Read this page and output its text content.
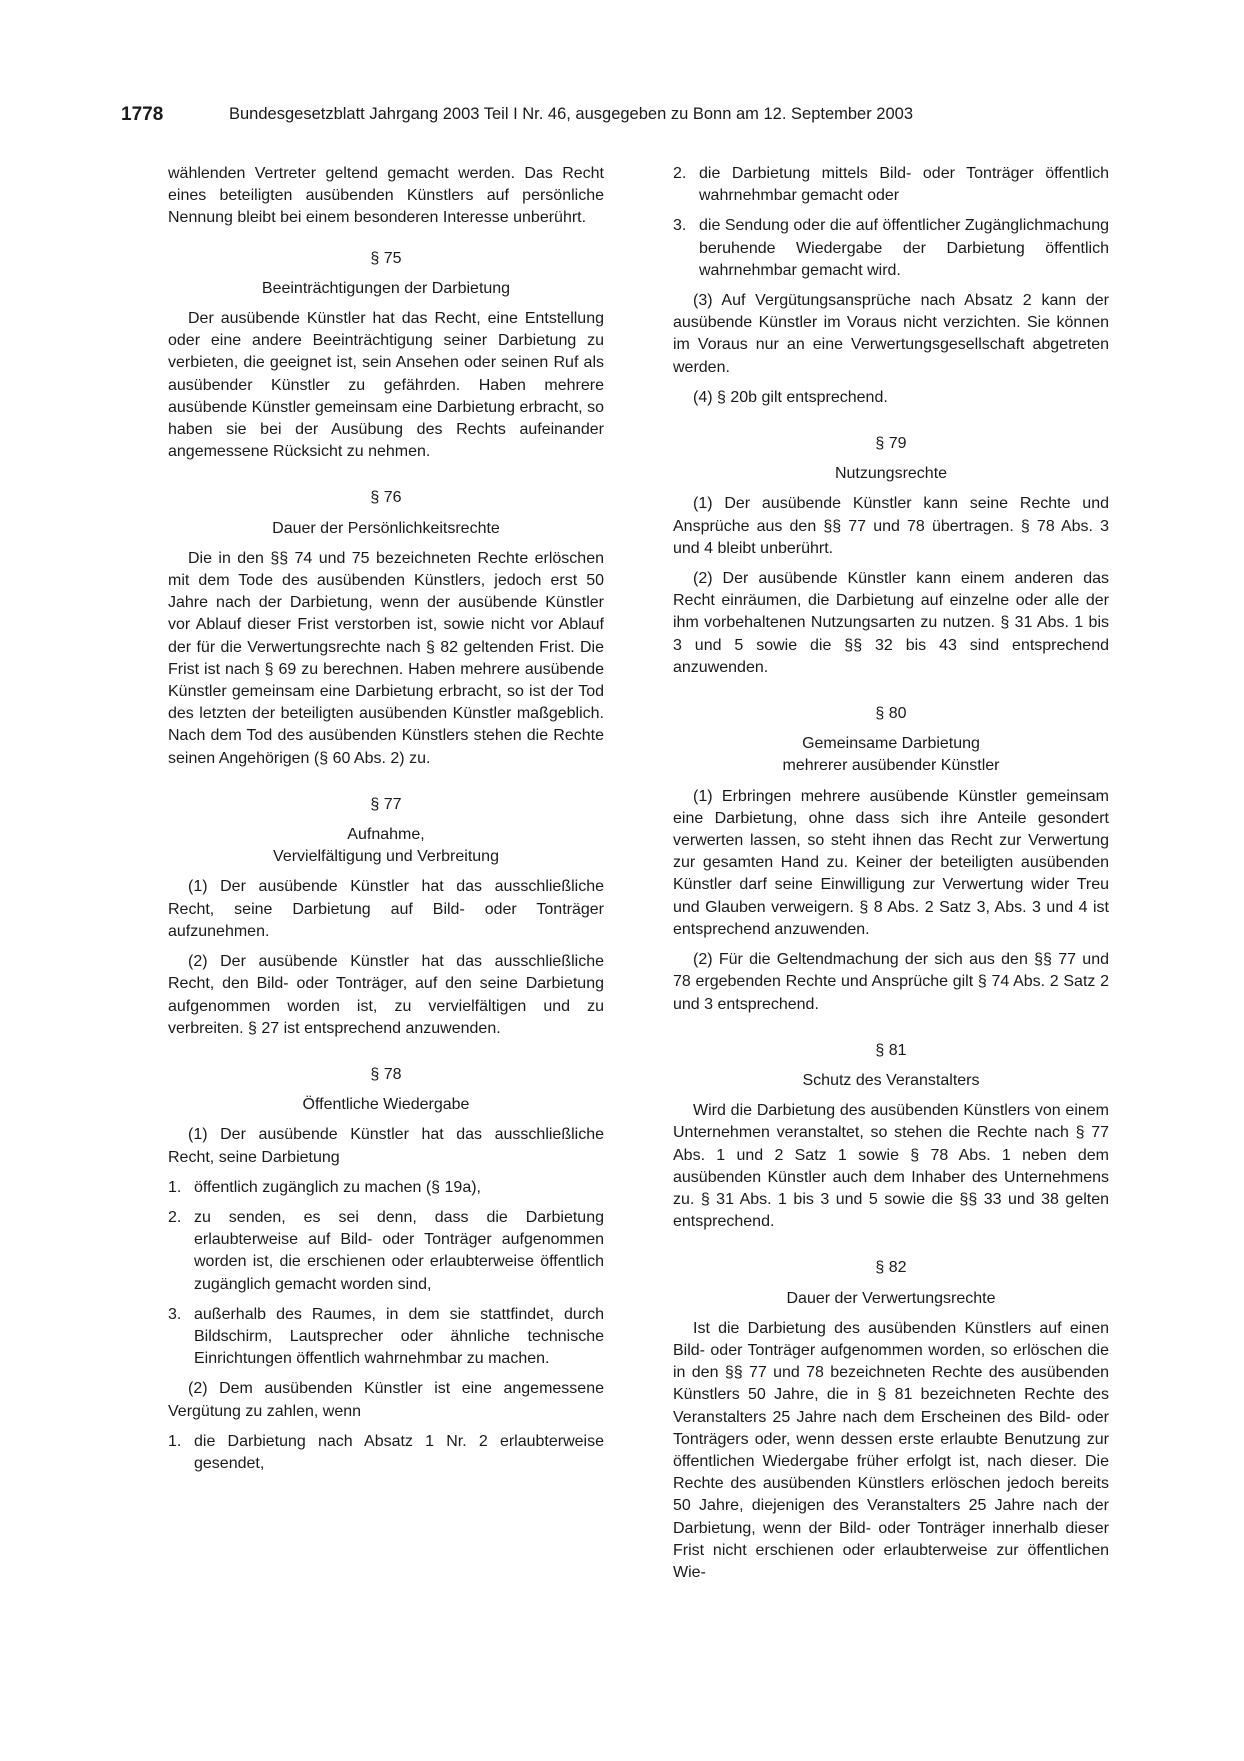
1778	Bundesgesetzblatt Jahrgang 2003 Teil I Nr. 46, ausgegeben zu Bonn am 12. September 2003

wählenden Vertreter geltend gemacht werden. Das Recht eines beteiligten ausübenden Künstlers auf persönliche Nennung bleibt bei einem besonderen Interesse unberührt.

§ 75
Beeinträchtigungen der Darbietung

Der ausübende Künstler hat das Recht, eine Entstellung oder eine andere Beeinträchtigung seiner Darbietung zu verbieten, die geeignet ist, sein Ansehen oder seinen Ruf als ausübender Künstler zu gefährden. Haben mehrere ausübende Künstler gemeinsam eine Darbietung erbracht, so haben sie bei der Ausübung des Rechts aufeinander angemessene Rücksicht zu nehmen.

§ 76
Dauer der Persönlichkeitsrechte

Die in den §§ 74 und 75 bezeichneten Rechte erlöschen mit dem Tode des ausübenden Künstlers, jedoch erst 50 Jahre nach der Darbietung, wenn der ausübende Künstler vor Ablauf dieser Frist verstorben ist, sowie nicht vor Ablauf der für die Verwertungsrechte nach § 82 geltenden Frist. Die Frist ist nach § 69 zu berechnen. Haben mehrere ausübende Künstler gemeinsam eine Darbietung erbracht, so ist der Tod des letzten der beteiligten ausübenden Künstler maßgeblich. Nach dem Tod des ausübenden Künstlers stehen die Rechte seinen Angehörigen (§ 60 Abs. 2) zu.

§ 77
Aufnahme,
Vervielfältigung und Verbreitung

(1) Der ausübende Künstler hat das ausschließliche Recht, seine Darbietung auf Bild- oder Tonträger aufzunehmen.

(2) Der ausübende Künstler hat das ausschließliche Recht, den Bild- oder Tonträger, auf den seine Darbietung aufgenommen worden ist, zu vervielfältigen und zu verbreiten. § 27 ist entsprechend anzuwenden.

§ 78
Öffentliche Wiedergabe

(1) Der ausübende Künstler hat das ausschließliche Recht, seine Darbietung

1. öffentlich zugänglich zu machen (§ 19a),
2. zu senden, es sei denn, dass die Darbietung erlaubterweise auf Bild- oder Tonträger aufgenommen worden ist, die erschienen oder erlaubterweise öffentlich zugänglich gemacht worden sind,
3. außerhalb des Raumes, in dem sie stattfindet, durch Bildschirm, Lautsprecher oder ähnliche technische Einrichtungen öffentlich wahrnehmbar zu machen.

(2) Dem ausübenden Künstler ist eine angemessene Vergütung zu zahlen, wenn

1. die Darbietung nach Absatz 1 Nr. 2 erlaubterweise gesendet,
2. die Darbietung mittels Bild- oder Tonträger öffentlich wahrnehmbar gemacht oder
3. die Sendung oder die auf öffentlicher Zugänglichmachung beruhende Wiedergabe der Darbietung öffentlich wahrnehmbar gemacht wird.

(3) Auf Vergütungsansprüche nach Absatz 2 kann der ausübende Künstler im Voraus nicht verzichten. Sie können im Voraus nur an eine Verwertungsgesellschaft abgetreten werden.

(4) § 20b gilt entsprechend.

§ 79
Nutzungsrechte

(1) Der ausübende Künstler kann seine Rechte und Ansprüche aus den §§ 77 und 78 übertragen. § 78 Abs. 3 und 4 bleibt unberührt.

(2) Der ausübende Künstler kann einem anderen das Recht einräumen, die Darbietung auf einzelne oder alle der ihm vorbehaltenen Nutzungsarten zu nutzen. § 31 Abs. 1 bis 3 und 5 sowie die §§ 32 bis 43 sind entsprechend anzuwenden.

§ 80
Gemeinsame Darbietung
mehrerer ausübender Künstler

(1) Erbringen mehrere ausübende Künstler gemeinsam eine Darbietung, ohne dass sich ihre Anteile gesondert verwerten lassen, so steht ihnen das Recht zur Verwertung zur gesamten Hand zu. Keiner der beteiligten ausübenden Künstler darf seine Einwilligung zur Verwertung wider Treu und Glauben verweigern. § 8 Abs. 2 Satz 3, Abs. 3 und 4 ist entsprechend anzuwenden.

(2) Für die Geltendmachung der sich aus den §§ 77 und 78 ergebenden Rechte und Ansprüche gilt § 74 Abs. 2 Satz 2 und 3 entsprechend.

§ 81
Schutz des Veranstalters

Wird die Darbietung des ausübenden Künstlers von einem Unternehmen veranstaltet, so stehen die Rechte nach § 77 Abs. 1 und 2 Satz 1 sowie § 78 Abs. 1 neben dem ausübenden Künstler auch dem Inhaber des Unternehmens zu. § 31 Abs. 1 bis 3 und 5 sowie die §§ 33 und 38 gelten entsprechend.

§ 82
Dauer der Verwertungsrechte

Ist die Darbietung des ausübenden Künstlers auf einen Bild- oder Tonträger aufgenommen worden, so erlöschen die in den §§ 77 und 78 bezeichneten Rechte des ausübenden Künstlers 50 Jahre, die in § 81 bezeichneten Rechte des Veranstalters 25 Jahre nach dem Erscheinen des Bild- oder Tonträgers oder, wenn dessen erste erlaubte Benutzung zur öffentlichen Wiedergabe früher erfolgt ist, nach dieser. Die Rechte des ausübenden Künstlers erlöschen jedoch bereits 50 Jahre, diejenigen des Veranstalters 25 Jahre nach der Darbietung, wenn der Bild- oder Tonträger innerhalb dieser Frist nicht erschienen oder erlaubterweise zur öffentlichen Wie-
